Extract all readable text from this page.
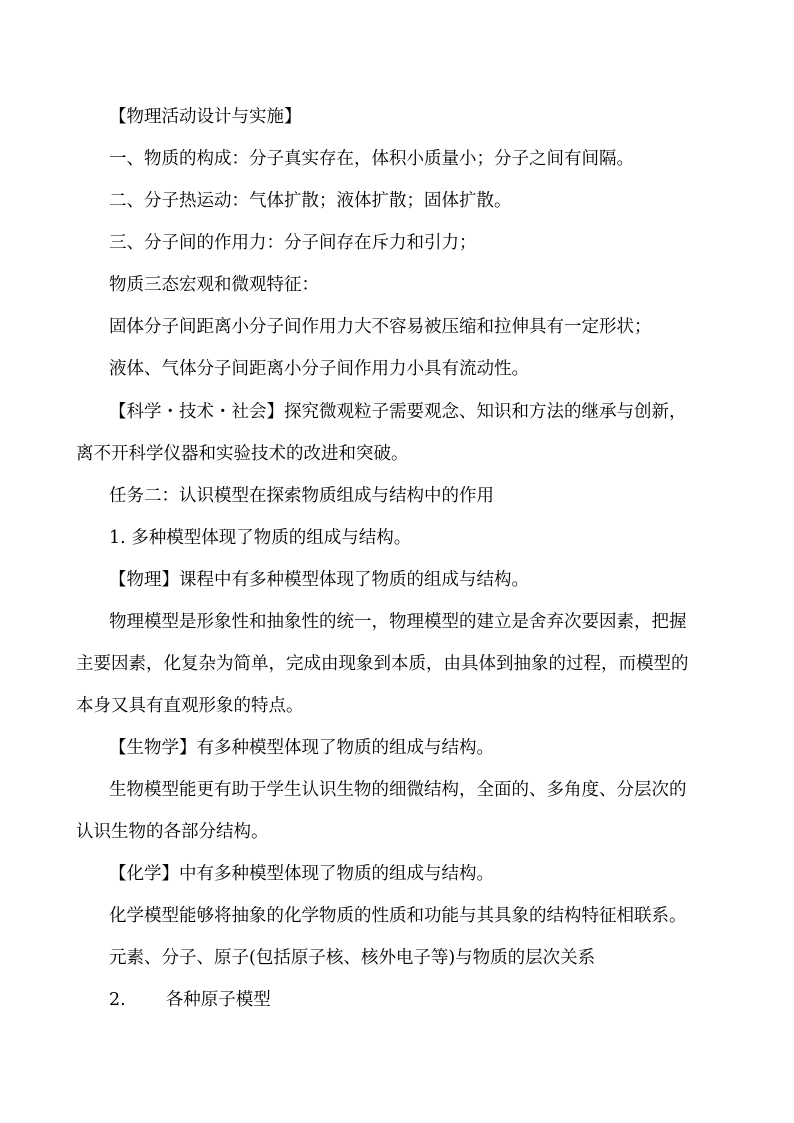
【物理活动设计与实施】
一、物质的构成：分子真实存在，体积小质量小；分子之间有间隔。
二、分子热运动：气体扩散；液体扩散；固体扩散。
三、分子间的作用力：分子间存在斥力和引力；
物质三态宏观和微观特征：
固体分子间距离小分子间作用力大不容易被压缩和拉伸具有一定形状；
液体、气体分子间距离小分子间作用力小具有流动性。
【科学・技术・社会】探究微观粒子需要观念、知识和方法的继承与创新，
离不开科学仪器和实验技术的改进和突破。
任务二：认识模型在探索物质组成与结构中的作用
1. 多种模型体现了物质的组成与结构。
【物理】课程中有多种模型体现了物质的组成与结构。
物理模型是形象性和抽象性的统一，物理模型的建立是舍弃次要因素，把握
主要因素，化复杂为简单，完成由现象到本质，由具体到抽象的过程，而模型的
本身又具有直观形象的特点。
【生物学】有多种模型体现了物质的组成与结构。
生物模型能更有助于学生认识生物的细微结构，全面的、多角度、分层次的
认识生物的各部分结构。
【化学】中有多种模型体现了物质的组成与结构。
化学模型能够将抽象的化学物质的性质和功能与其具象的结构特征相联系。
元素、分子、原子(包括原子核、核外电子等)与物质的层次关系
2. 各种原子模型
